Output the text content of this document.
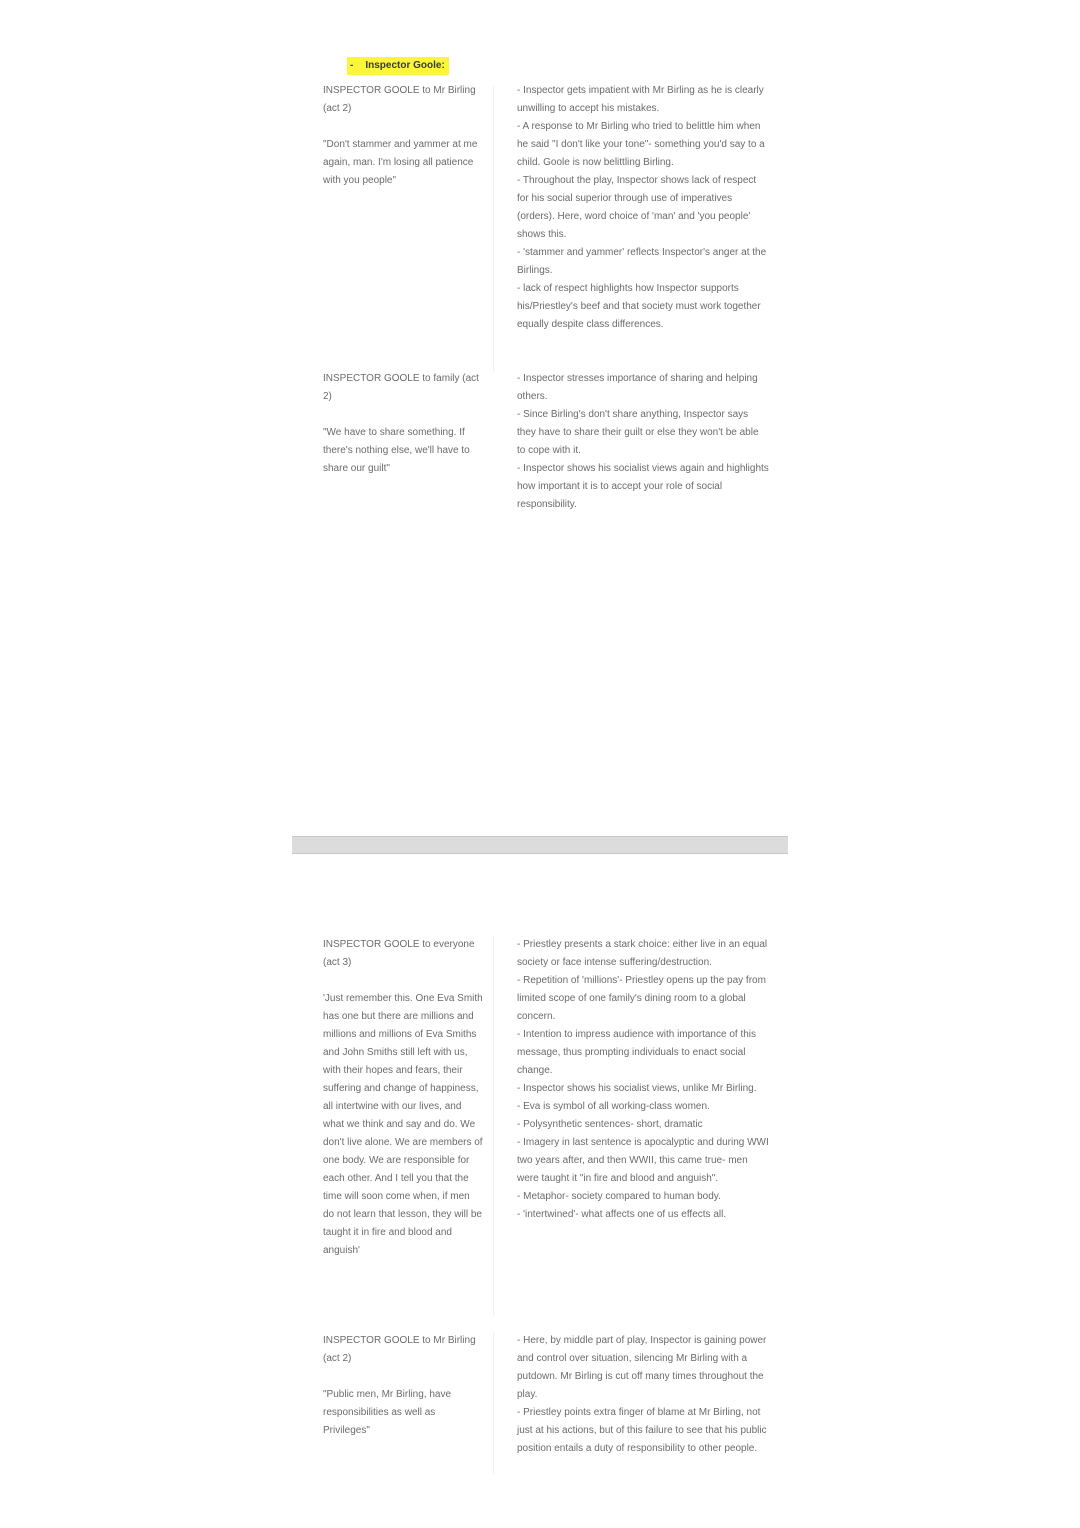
- Inspector Goole:

INSPECTOR GOOLE to Mr Birling (act 2)

"Don't stammer and yammer at me again, man. I'm losing all patience with you people"

- Inspector gets impatient with Mr Birling as he is clearly unwilling to accept his mistakes.

- A response to Mr Birling who tried to belittle him when he said "I don't like your tone"- something you'd say to a child. Goole is now belittling Birling.

- Throughout the play, Inspector shows lack of respect for his social superior through use of imperatives (orders). Here, word choice of 'man' and 'you people' shows this.

- 'stammer and yammer' reflects Inspector's anger at the Birlings.

- lack of respect highlights how Inspector supports his/Priestley's beef and that society must work together equally despite class differences.

INSPECTOR GOOLE to family (act 2)

"We have to share something. If there's nothing else, we'll have to share our guilt"

- Inspector stresses importance of sharing and helping others.

- Since Birling's don't share anything, Inspector says they have to share their guilt or else they won't be able to cope with it.

- Inspector shows his socialist views again and highlights how important it is to accept your role of social responsibility.

INSPECTOR GOOLE to everyone (act 3)

'Just remember this. One Eva Smith has one but there are millions and millions and millions of Eva Smiths and John Smiths still left with us, with their hopes and fears, their suffering and change of happiness, all intertwine with our lives, and what we think and say and do. We don't live alone. We are members of one body. We are responsible for each other. And I tell you that the time will soon come when, if men do not learn that lesson, they will be taught it in fire and blood and anguish'

- Priestley presents a stark choice: either live in an equal society or face intense suffering/destruction.

- Repetition of 'millions'- Priestley opens up the pay from limited scope of one family's dining room to a global concern.

- Intention to impress audience with importance of this message, thus prompting individuals to enact social change.

- Inspector shows his socialist views, unlike Mr Birling.

- Eva is symbol of all working-class women.

- Polysynthetic sentences- short, dramatic

- Imagery in last sentence is apocalyptic and during WWI two years after, and then WWII, this came true- men were taught it "in fire and blood and anguish".

- Metaphor- society compared to human body.

- 'intertwined'- what affects one of us effects all.

INSPECTOR GOOLE to Mr Birling (act 2)

"Public men, Mr Birling, have responsibilities as well as Privileges"

- Here, by middle part of play, Inspector is gaining power and control over situation, silencing Mr Birling with a putdown. Mr Birling is cut off many times throughout the play.

- Priestley points extra finger of blame at Mr Birling, not just at his actions, but of this failure to see that his public position entails a duty of responsibility to other people.
